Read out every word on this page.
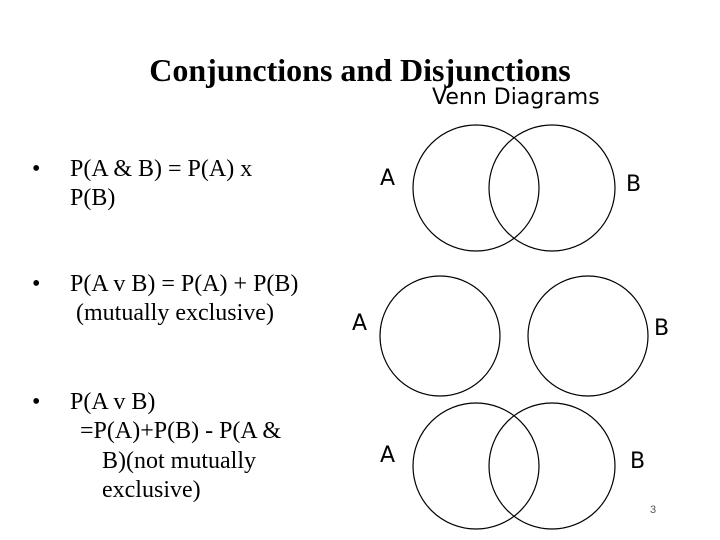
Conjunctions and Disjunctions
Venn Diagrams
• P(A & B) = P(A) x
P(B)
• P(A v B) = P(A) + P(B)
(mutually exclusive)
• P(A v B)
=P(A)+P(B) - P(A &
B)(not mutually
exclusive)
A	B
A	B
A	B
3
